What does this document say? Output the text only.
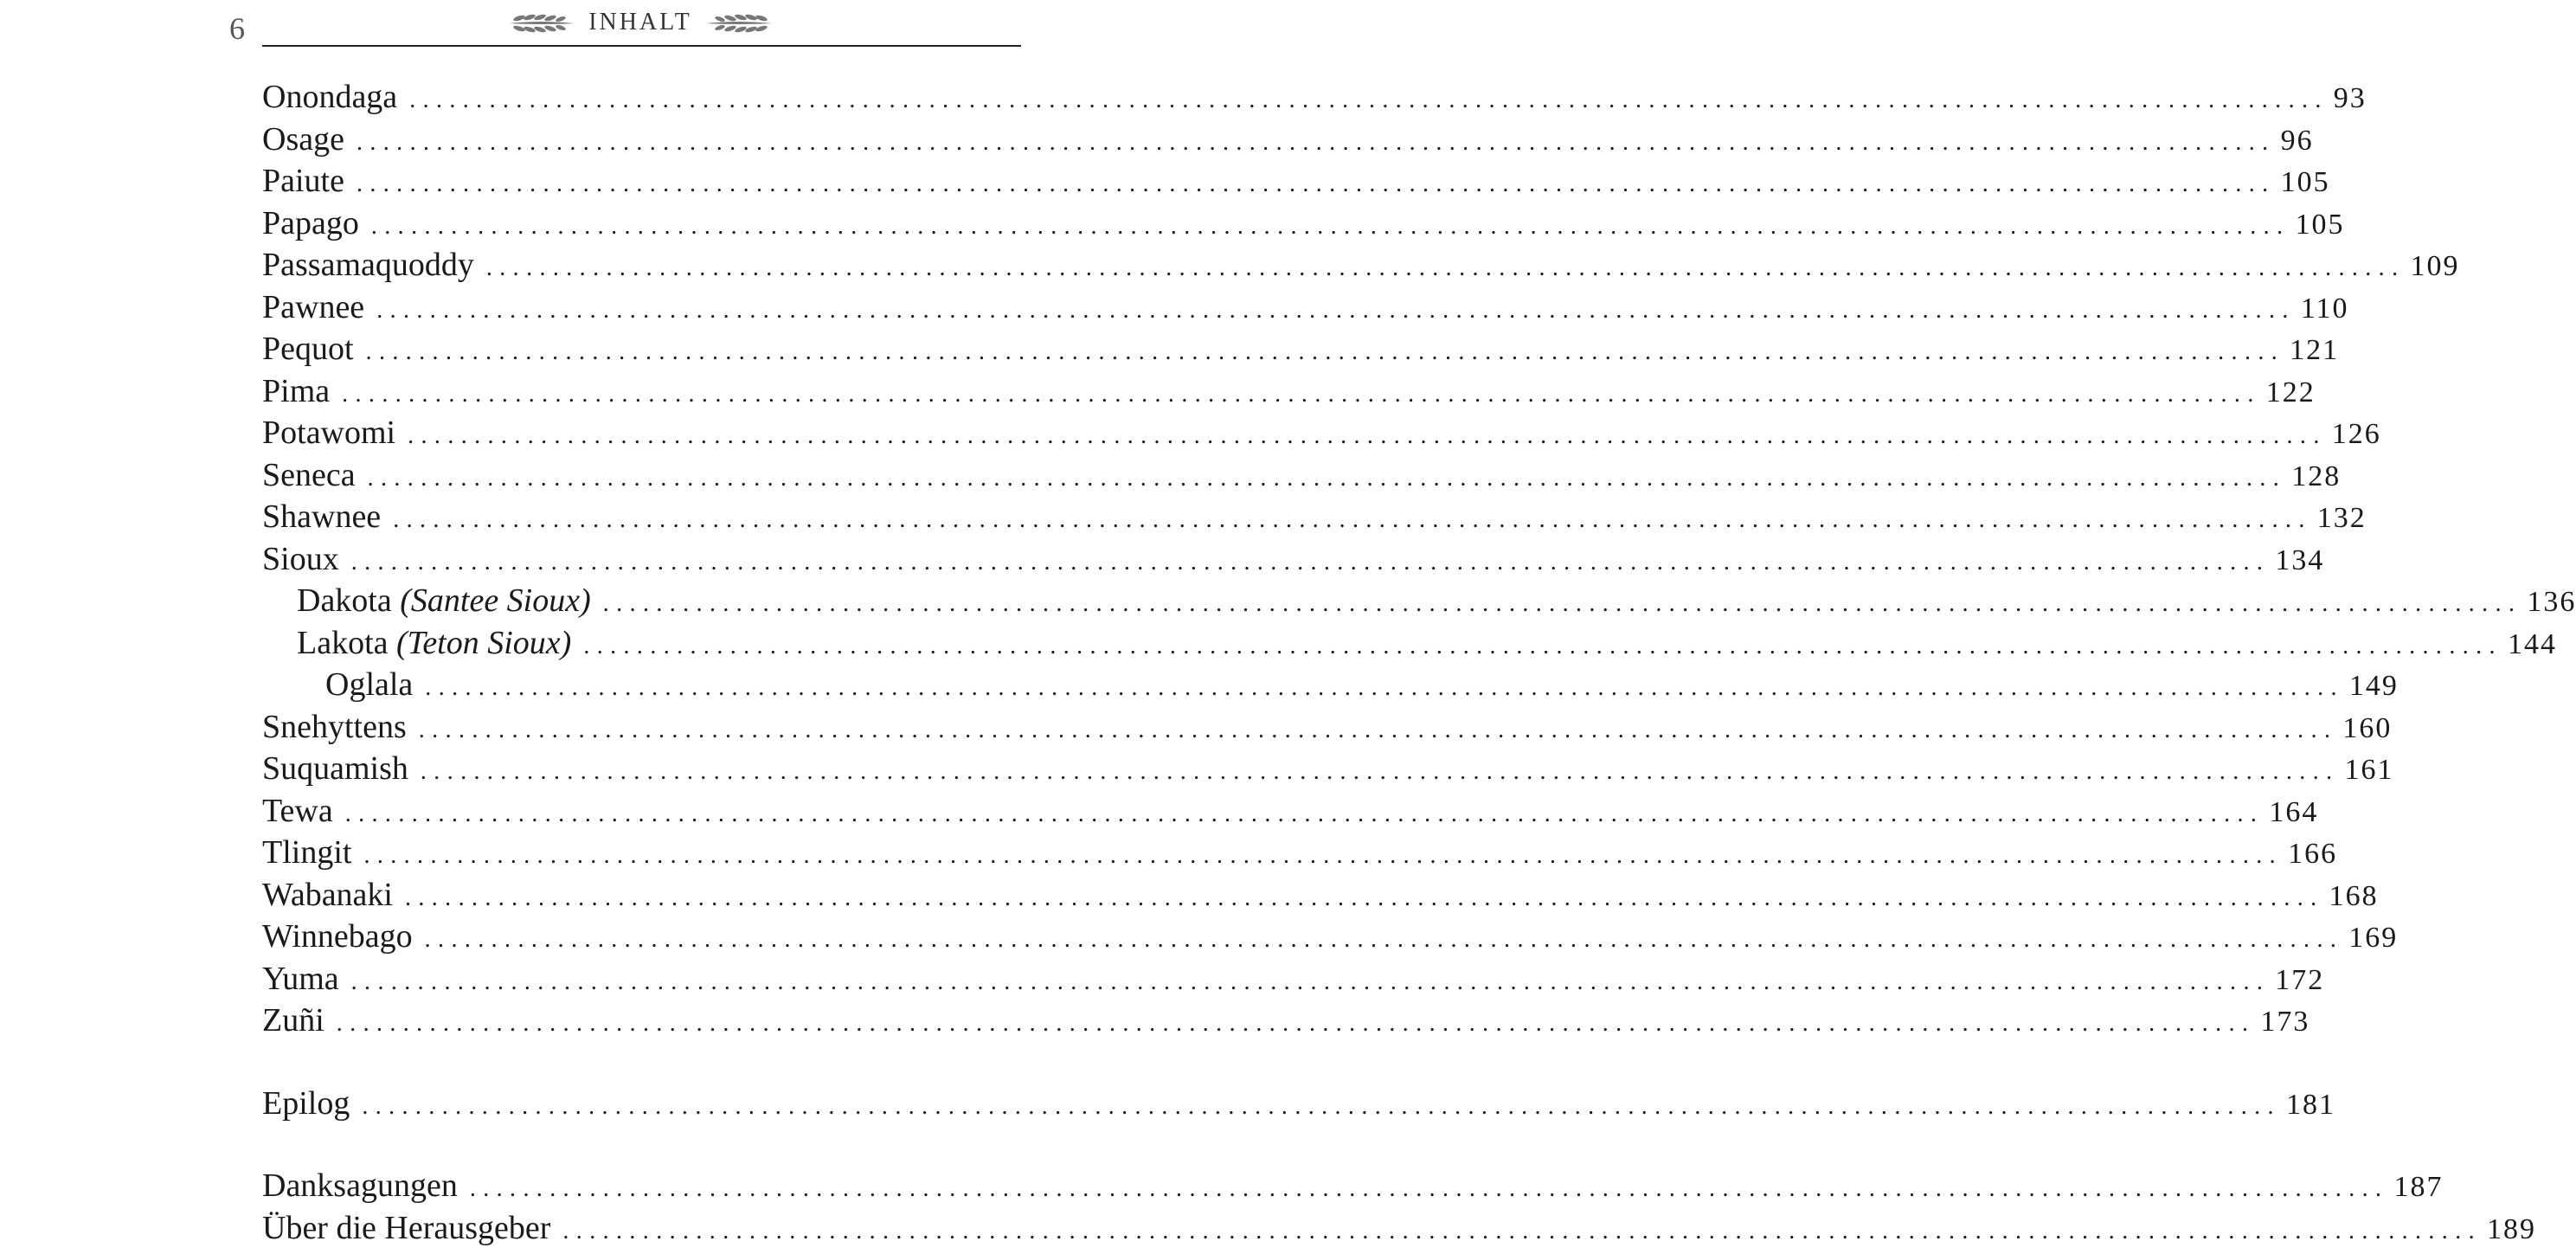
6	INHALT
Onondaga ................................................................................................................................................ 93
Osage ................................................................................................................................................ 96
Paiute ................................................................................................................................................ 105
Papago ................................................................................................................................................ 105
Passamaquoddy ................................................................................................................................................ 109
Pawnee ................................................................................................................................................ 110
Pequot ................................................................................................................................................ 121
Pima ................................................................................................................................................ 122
Potawomi ................................................................................................................................................ 126
Seneca ................................................................................................................................................ 128
Shawnee ................................................................................................................................................ 132
Sioux ................................................................................................................................................ 134
Dakota (Santee Sioux) ................................................................................................................................................ 136
Lakota (Teton Sioux) ................................................................................................................................................ 144
Oglala ................................................................................................................................................ 149
Snehyttens ................................................................................................................................................ 160
Suquamish ................................................................................................................................................ 161
Tewa ................................................................................................................................................ 164
Tlingit ................................................................................................................................................ 166
Wabanaki ................................................................................................................................................ 168
Winnebago ................................................................................................................................................ 169
Yuma ................................................................................................................................................ 172
Zuñi ................................................................................................................................................ 173
Epilog ................................................................................................................................................ 181
Danksagungen ................................................................................................................................................ 187
Über die Herausgeber ................................................................................................................................................ 189
